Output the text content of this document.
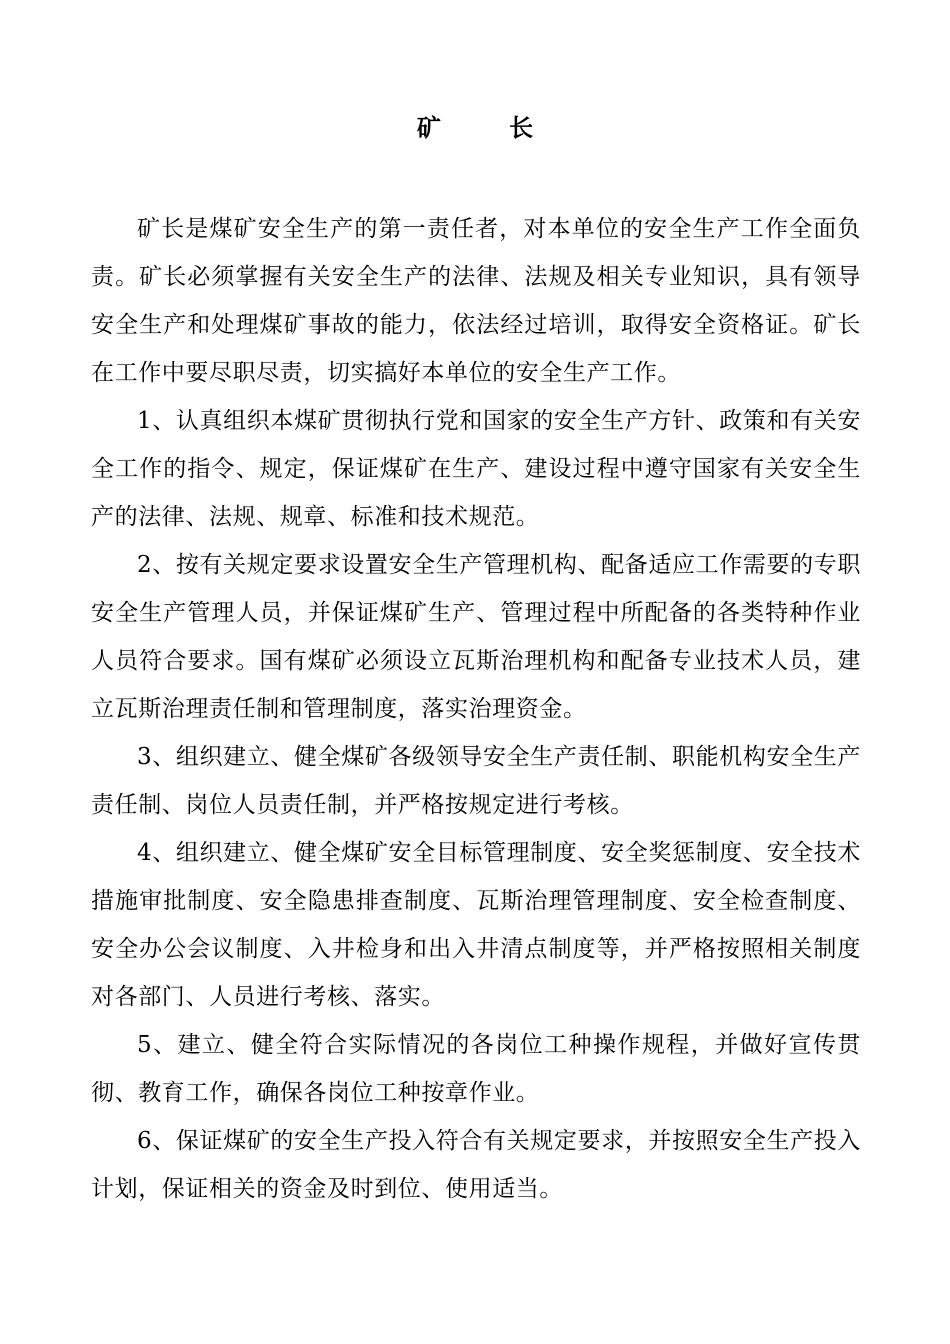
矿 长

矿长是煤矿安全生产的第一责任者，对本单位的安全生产工作全面负责。矿长必须掌握有关安全生产的法律、法规及相关专业知识，具有领导安全生产和处理煤矿事故的能力，依法经过培训，取得安全资格证。矿长在工作中要尽职尽责，切实搞好本单位的安全生产工作。

1、认真组织本煤矿贯彻执行党和国家的安全生产方针、政策和有关安全工作的指令、规定，保证煤矿在生产、建设过程中遵守国家有关安全生产的法律、法规、规章、标准和技术规范。

2、按有关规定要求设置安全生产管理机构、配备适应工作需要的专职安全生产管理人员，并保证煤矿生产、管理过程中所配备的各类特种作业人员符合要求。国有煤矿必须设立瓦斯治理机构和配备专业技术人员，建立瓦斯治理责任制和管理制度，落实治理资金。

3、组织建立、健全煤矿各级领导安全生产责任制、职能机构安全生产责任制、岗位人员责任制，并严格按规定进行考核。

4、组织建立、健全煤矿安全目标管理制度、安全奖惩制度、安全技术措施审批制度、安全隐患排查制度、瓦斯治理管理制度、安全检查制度、安全办公会议制度、入井检身和出入井清点制度等，并严格按照相关制度对各部门、人员进行考核、落实。

5、建立、健全符合实际情况的各岗位工种操作规程，并做好宣传贯彻、教育工作，确保各岗位工种按章作业。

6、保证煤矿的安全生产投入符合有关规定要求，并按照安全生产投入计划，保证相关的资金及时到位、使用适当。
